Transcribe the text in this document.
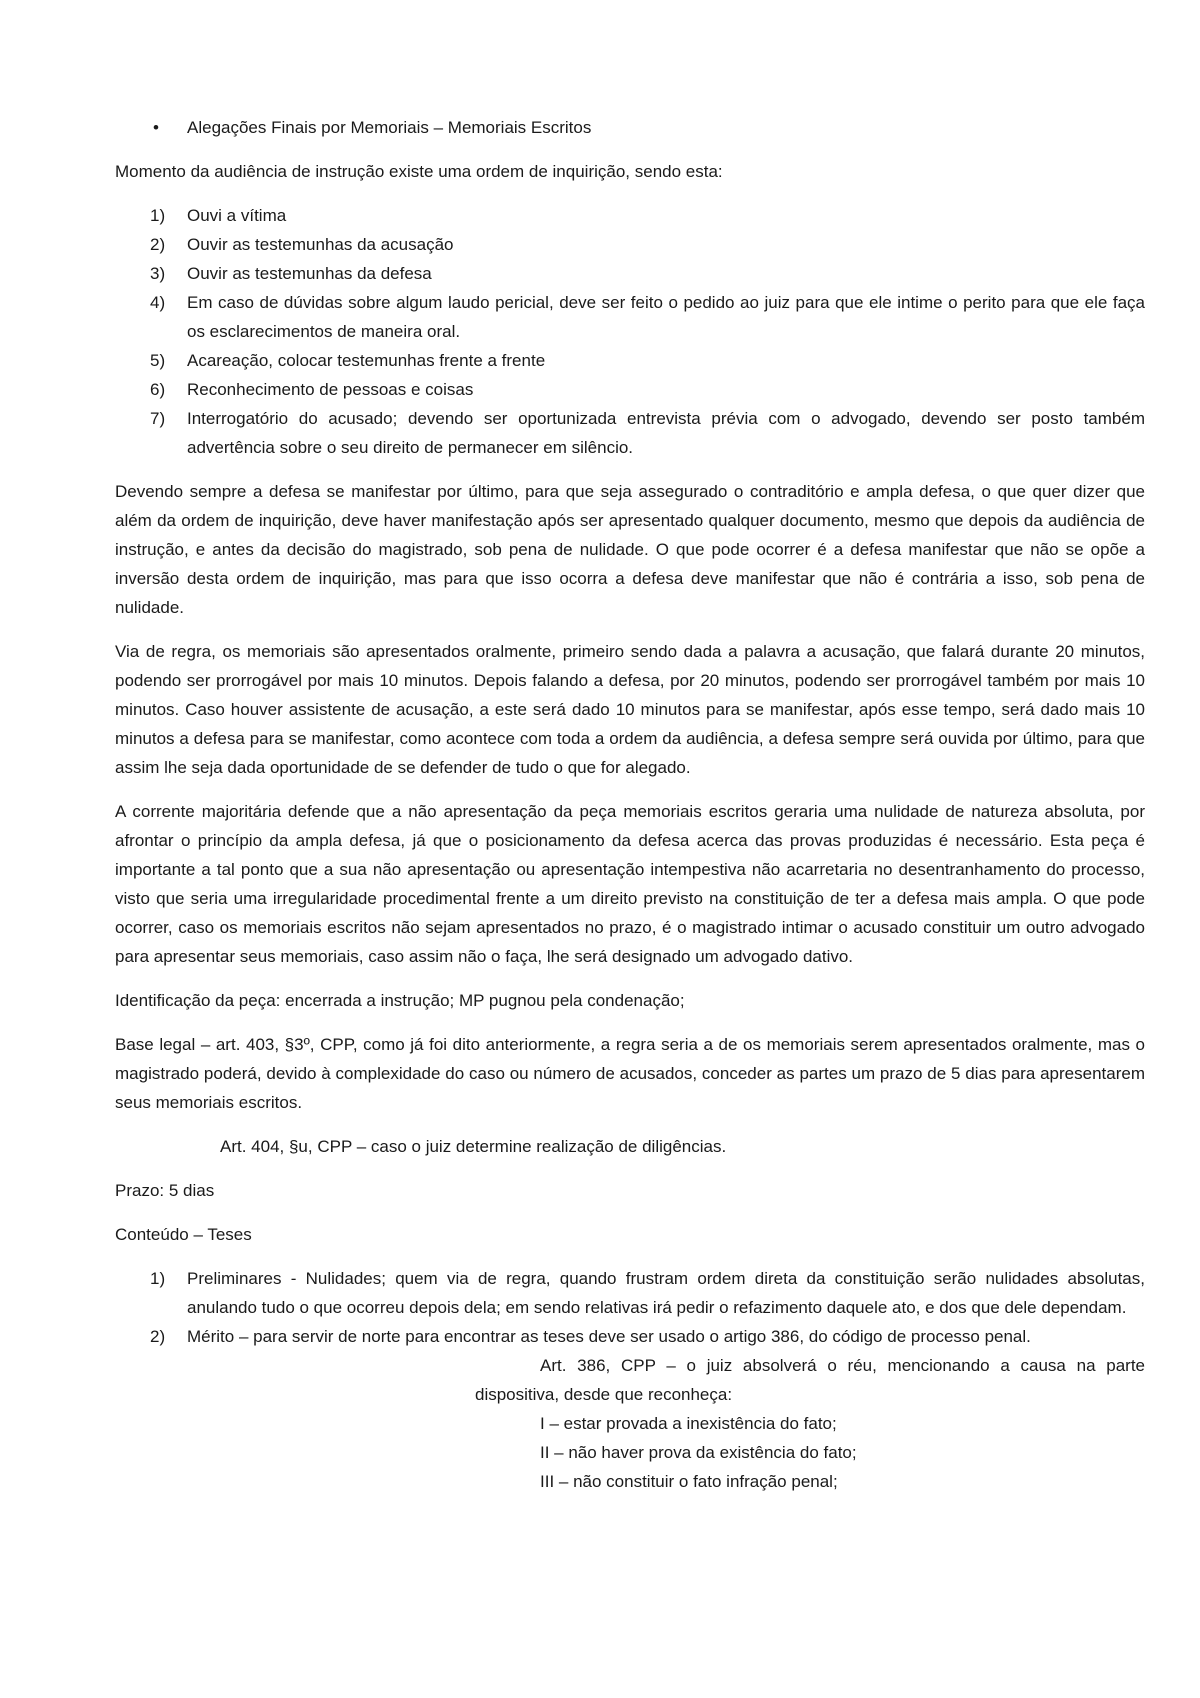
• Alegações Finais por Memoriais – Memoriais Escritos

Momento da audiência de instrução existe uma ordem de inquirição, sendo esta:

1) Ouvi a vítima
2) Ouvir as testemunhas da acusação
3) Ouvir as testemunhas da defesa
4) Em caso de dúvidas sobre algum laudo pericial, deve ser feito o pedido ao juiz para que ele intime o perito para que ele faça os esclarecimentos de maneira oral.
5) Acareação, colocar testemunhas frente a frente
6) Reconhecimento de pessoas e coisas
7) Interrogatório do acusado; devendo ser oportunizada entrevista prévia com o advogado, devendo ser posto também advertência sobre o seu direito de permanecer em silêncio.

Devendo sempre a defesa se manifestar por último, para que seja assegurado o contraditório e ampla defesa, o que quer dizer que além da ordem de inquirição, deve haver manifestação após ser apresentado qualquer documento, mesmo que depois da audiência de instrução, e antes da decisão do magistrado, sob pena de nulidade. O que pode ocorrer é a defesa manifestar que não se opõe a inversão desta ordem de inquirição, mas para que isso ocorra a defesa deve manifestar que não é contrária a isso, sob pena de nulidade.

Via de regra, os memoriais são apresentados oralmente, primeiro sendo dada a palavra a acusação, que falará durante 20 minutos, podendo ser prorrogável por mais 10 minutos. Depois falando a defesa, por 20 minutos, podendo ser prorrogável também por mais 10 minutos. Caso houver assistente de acusação, a este será dado 10 minutos para se manifestar, após esse tempo, será dado mais 10 minutos a defesa para se manifestar, como acontece com toda a ordem da audiência, a defesa sempre será ouvida por último, para que assim lhe seja dada oportunidade de se defender de tudo o que for alegado.

A corrente majoritária defende que a não apresentação da peça memoriais escritos geraria uma nulidade de natureza absoluta, por afrontar o princípio da ampla defesa, já que o posicionamento da defesa acerca das provas produzidas é necessário. Esta peça é importante a tal ponto que a sua não apresentação ou apresentação intempestiva não acarretaria no desentranhamento do processo, visto que seria uma irregularidade procedimental frente a um direito previsto na constituição de ter a defesa mais ampla. O que pode ocorrer, caso os memoriais escritos não sejam apresentados no prazo, é o magistrado intimar o acusado constituir um outro advogado para apresentar seus memoriais, caso assim não o faça, lhe será designado um advogado dativo.

Identificação da peça: encerrada a instrução; MP pugnou pela condenação;

Base legal – art. 403, §3º, CPP, como já foi dito anteriormente, a regra seria a de os memoriais serem apresentados oralmente, mas o magistrado poderá, devido à complexidade do caso ou número de acusados, conceder as partes um prazo de 5 dias para apresentarem seus memoriais escritos.

Art. 404, §u, CPP – caso o juiz determine realização de diligências.

Prazo: 5 dias

Conteúdo – Teses

1) Preliminares - Nulidades; quem via de regra, quando frustram ordem direta da constituição serão nulidades absolutas, anulando tudo o que ocorreu depois dela; em sendo relativas irá pedir o refazimento daquele ato, e dos que dele dependam.
2) Mérito – para servir de norte para encontrar as teses deve ser usado o artigo 386, do código de processo penal.
Art. 386, CPP – o juiz absolverá o réu, mencionando a causa na parte dispositiva, desde que reconheça:
I – estar provada a inexistência do fato;
II – não haver prova da existência do fato;
III – não constituir o fato infração penal;
